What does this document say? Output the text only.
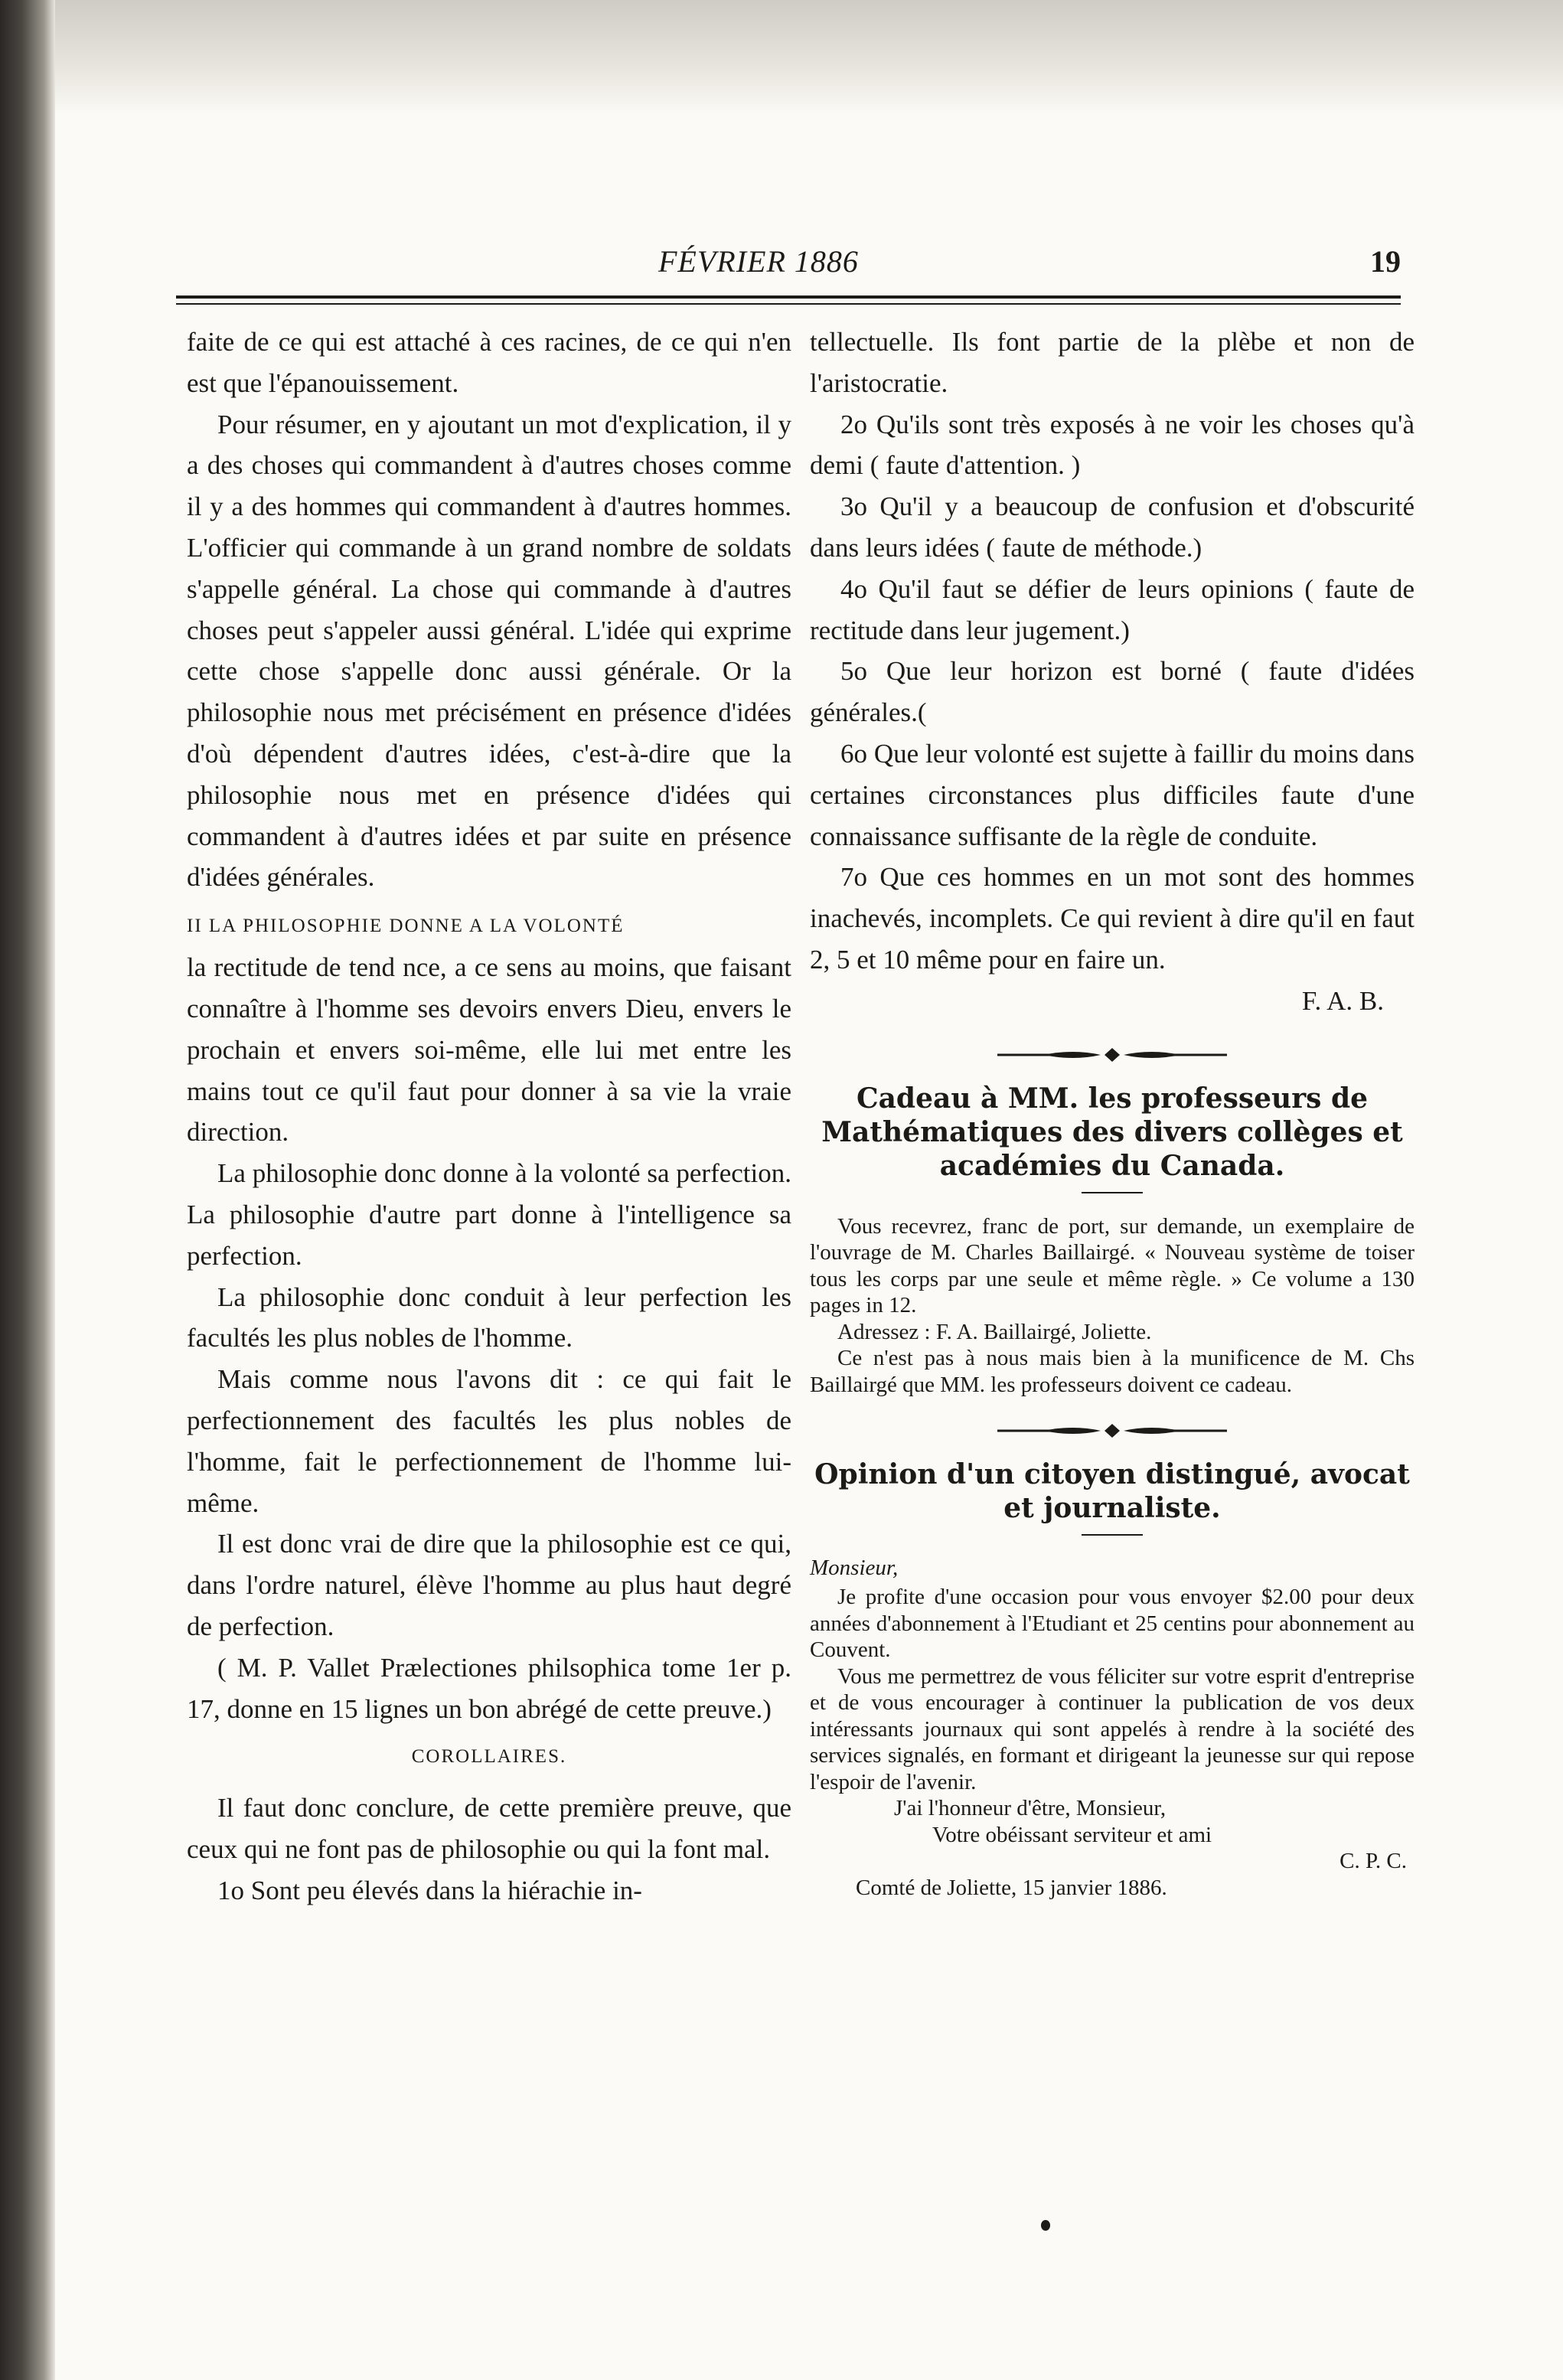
FÉVRIER 1886	19

faite de ce qui est attaché à ces racines, de ce qui n'en est que l'épanouissement.

Pour résumer, en y ajoutant un mot d'explication, il y a des choses qui commandent à d'autres choses comme il y a des hommes qui commandent à d'autres hommes. L'officier qui commande à un grand nombre de soldats s'appelle général. La chose qui commande à d'autres choses peut s'appeler aussi général. L'idée qui exprime cette chose s'appelle donc aussi générale. Or la philosophie nous met précisément en présence d'idées d'où dépendent d'autres idées, c'est-à-dire que la philosophie nous met en présence d'idées qui commandent à d'autres idées et par suite en présence d'idées générales.

II LA PHILOSOPHIE DONNE A LA VOLONTÉ

la rectitude de tend nce, a ce sens au moins, que faisant connaître à l'homme ses devoirs envers Dieu, envers le prochain et envers soi-même, elle lui met entre les mains tout ce qu'il faut pour donner à sa vie la vraie direction.

La philosophie donc donne à la volonté sa perfection. La philosophie d'autre part donne à l'intelligence sa perfection.

La philosophie donc conduit à leur perfection les facultés les plus nobles de l'homme.

Mais comme nous l'avons dit : ce qui fait le perfectionnement des facultés les plus nobles de l'homme, fait le perfectionnement de l'homme lui-même.

Il est donc vrai de dire que la philosophie est ce qui, dans l'ordre naturel, élève l'homme au plus haut degré de perfection.

( M. P. Vallet Prælectiones philsophica tome 1er p. 17, donne en 15 lignes un bon abrégé de cette preuve.)

COROLLAIRES.

Il faut donc conclure, de cette première preuve, que ceux qui ne font pas de philosophie ou qui la font mal.

1o Sont peu élevés dans la hiérachie in-

tellectuelle. Ils font partie de la plèbe et non de l'aristocratie.

2o Qu'ils sont très exposés à ne voir les choses qu'à demi ( faute d'attention. )

3o Qu'il y a beaucoup de confusion et d'obscurité dans leurs idées ( faute de méthode.)

4o Qu'il faut se défier de leurs opinions ( faute de rectitude dans leur jugement.)

5o Que leur horizon est borné ( faute d'idées générales.(

6o Que leur volonté est sujette à faillir du moins dans certaines circonstances plus difficiles faute d'une connaissance suffisante de la règle de conduite.

7o Que ces hommes en un mot sont des hommes inachevés, incomplets. Ce qui revient à dire qu'il en faut 2, 5 et 10 même pour en faire un.

F. A. B.

Cadeau à MM. les professeurs de Mathématiques des divers collèges et académies du Canada.

Vous recevrez, franc de port, sur demande, un exemplaire de l'ouvrage de M. Charles Baillairgé. « Nouveau système de toiser tous les corps par une seule et même règle. » Ce volume a 130 pages in 12.

Adressez : F. A. Baillairgé, Joliette.

Ce n'est pas à nous mais bien à la munificence de M. Chs Baillairgé que MM. les professeurs doivent ce cadeau.

Opinion d'un citoyen distingué, avocat et journaliste.
Monsieur,

Je profite d'une occasion pour vous envoyer $2.00 pour deux années d'abonnement à l'Etudiant et 25 centins pour abonnement au Couvent.

Vous me permettrez de vous féliciter sur votre esprit d'entreprise et de vous encourager à continuer la publication de vos deux intéressants journaux qui sont appelés à rendre à la société des services signalés, en formant et dirigeant la jeunesse sur qui repose l'espoir de l'avenir.

J'ai l'honneur d'être, Monsieur,

Votre obéissant serviteur et ami

C. P. C.

Comté de Joliette, 15 janvier 1886.
